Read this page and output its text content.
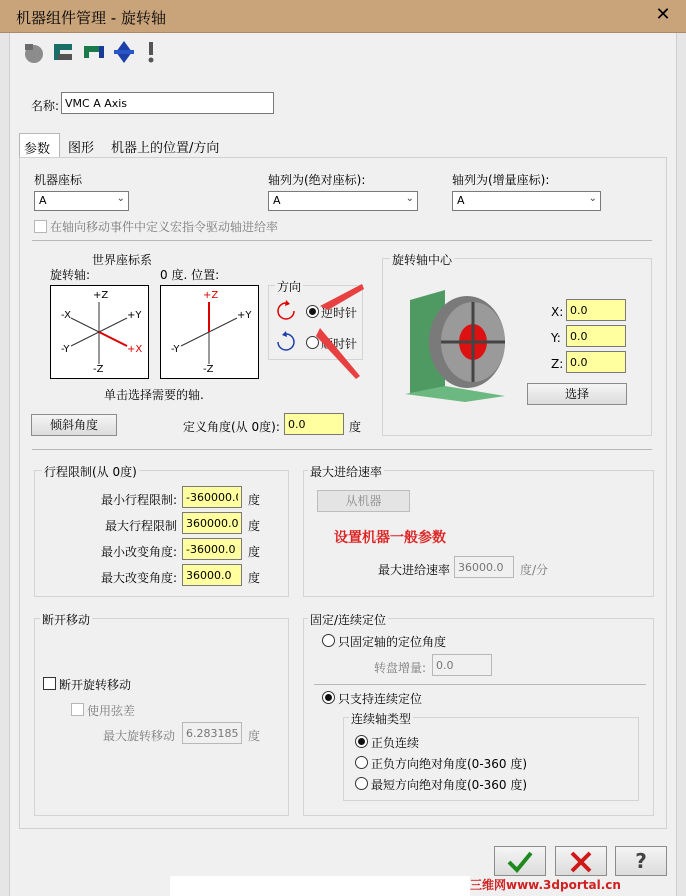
机器组件管理 - 旋转轴	✕
名称:
VMC A Axis
参数	图形	机器上的位置/方向
机器座标
A	⌄
轴列为(绝对座标):
A	⌄
轴列为(增量座标):
A	⌄
在轴向移动事件中定义宏指令驱动轴进给率
世界座标系
旋转轴:	0 度. 位置:
+Z
-X	+Y
-Y	+X
-Z
+Z
-Y
+Y
-Z
单击选择需要的轴.
方向
逆时针
顺时针
倾斜角度	定义角度(从 0度):
0.0	度
旋转轴中心
X:
0.0
Y:
0.0
Z:
0.0
选择
行程限制(从 0度)
最小行程限制:
-360000.0	度
最大行程限制
360000.0	度
最小改变角度:
-36000.0	度
最大改变角度:
36000.0	度
最大进给速率
从机器
设置机器一般参数
最大进给速率
36000.0	度/分
断开移动
断开旋转移动
使用弦差
最大旋转移动
6.283185	度
固定/连续定位
只固定轴的定位角度
转盘增量:
0.0
只支持连续定位
连续轴类型
正负连续
正负方向绝对角度(0-360 度)
最短方向绝对角度(0-360 度)
?
三维网www.3dportal.cn
